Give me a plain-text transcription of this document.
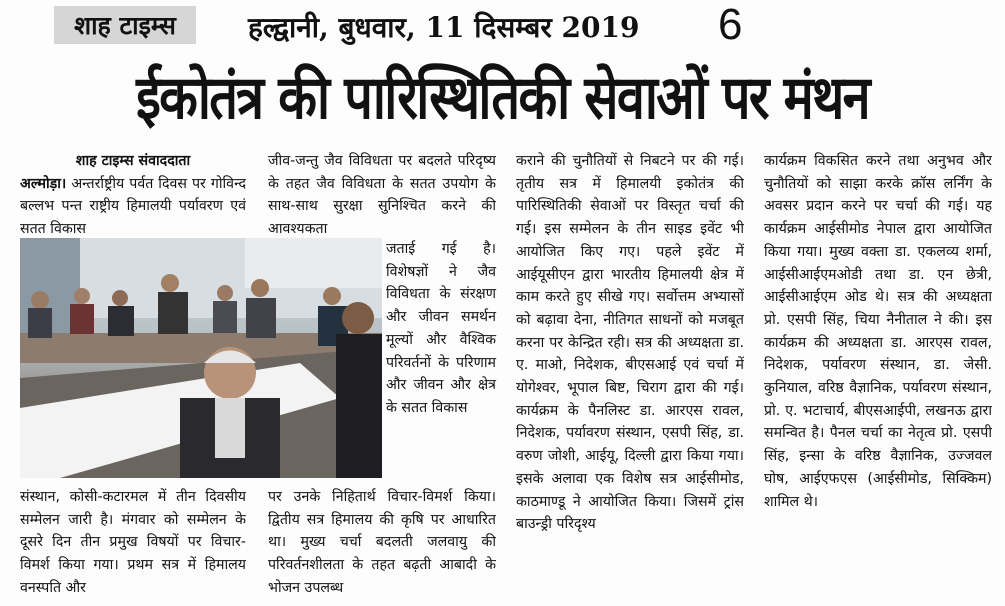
शाह टाइम्स	हल्द्वानी, बुधवार, 11 दिसम्बर 2019 6
ईकोतंत्र की पारिस्थितिकी सेवाओं पर मंथन
शाह टाइम्स संवाददाता
अल्मोड़ा। अन्तर्राष्ट्रीय पर्वत दिवस पर गोविन्द बल्लभ पन्त राष्ट्रीय हिमालयी पर्यावरण एवं सतत विकास
जीव-जन्तु जैव विविधता पर बदलते परिदृष्य के तहत जैव विविधता के सतत उपयोग के साथ-साथ सुरक्षा सुनिश्चित करने की आवश्यकता
जताई गई है। विशेषज्ञों ने जैव विविधता के संरक्षण और जीवन समर्थन मूल्यों और वैश्विक परिवर्तनों के परिणाम और जीवन और क्षेत्र के सतत विकास
संस्थान, कोसी-कटारमल में तीन दिवसीय सम्मेलन जारी है। मंगवार को सम्मेलन के दूसरे दिन तीन प्रमुख विषयों पर विचार-विमर्श किया गया। प्रथम सत्र में हिमालय वनस्पति और
पर उनके निहितार्थ विचार-विमर्श किया। द्वितीय सत्र हिमालय की कृषि पर आधारित था। मुख्य चर्चा बदलती जलवायु की परिवर्तनशीलता के तहत बढ़ती आबादी के भोजन उपलब्ध
कराने की चुनौतियों से निबटने पर की गई। तृतीय सत्र में हिमालयी इकोतंत्र की पारिस्थितिकी सेवाओं पर विस्तृत चर्चा की गई। इस सम्मेलन के तीन साइड इवेंट भी आयोजित किए गए। पहले इवेंट में आईयूसीएन द्वारा भारतीय हिमालयी क्षेत्र में काम करते हुए सीखे गए। सर्वोत्तम अभ्यासों को बढ़ावा देना, नीतिगत साधनों को मजबूत करना पर केन्द्रित रही। सत्र की अध्यक्षता डा. ए. माओ, निदेशक, बीएसआई एवं चर्चा में योगेश्वर, भूपाल बिष्ट, चिराग द्वारा की गई। कार्यक्रम के पैनलिस्ट डा. आरएस रावल, निदेशक, पर्यावरण संस्थान, एसपी सिंह, डा. वरुण जोशी, आईयू, दिल्ली द्वारा किया गया। इसके अलावा एक विशेष सत्र आईसीमोड, काठमाण्डू ने आयोजित किया। जिसमें ट्रांस बाउन्ड्री परिदृश्य
कार्यक्रम विकसित करने तथा अनुभव और चुनौतियों को साझा करके क्रॉस लर्निंग के अवसर प्रदान करने पर चर्चा की गई। यह कार्यक्रम आईसीमोड नेपाल द्वारा आयोजित किया गया। मुख्य वक्ता डा. एकलव्य शर्मा, आईसीआईएमओडी तथा डा. एन छेत्री, आईसीआईएम ओड थे। सत्र की अध्यक्षता प्रो. एसपी सिंह, चिया नैनीताल ने की। इस कार्यक्रम की अध्यक्षता डा. आरएस रावल, निदेशक, पर्यावरण संस्थान, डा. जेसी. कुनियाल, वरिष्ठ वैज्ञानिक, पर्यावरण संस्थान, प्रो. ए. भटाचार्य, बीएसआईपी, लखनऊ द्वारा समन्वित है। पैनल चर्चा का नेतृत्व प्रो. एसपी सिंह, इन्सा के वरिष्ठ वैज्ञानिक, उज्जवल घोष, आईएफएस (आईसीमोड, सिक्किम) शामिल थे।
